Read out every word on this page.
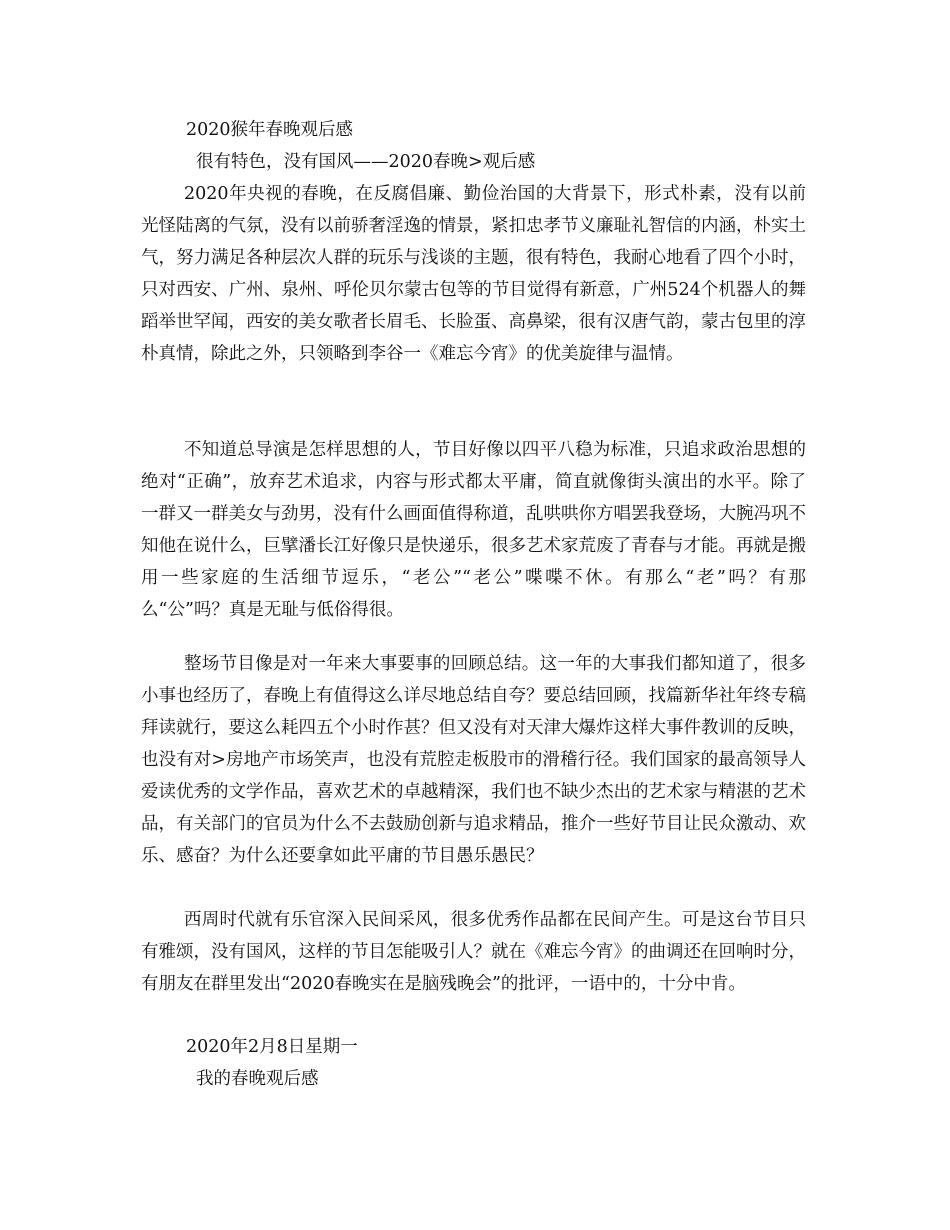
2020猴年春晚观后感

很有特色，没有国风——2020春晚>观后感

2020年央视的春晚，在反腐倡廉、勤俭治国的大背景下，形式朴素，没有以前光怪陆离的气氛，没有以前骄奢淫逸的情景，紧扣忠孝节义廉耻礼智信的内涵，朴实土气，努力满足各种层次人群的玩乐与浅谈的主题，很有特色，我耐心地看了四个小时，只对西安、广州、泉州、呼伦贝尔蒙古包等的节目觉得有新意，广州524个机器人的舞蹈举世罕闻，西安的美女歌者长眉毛、长脸蛋、高鼻梁，很有汉唐气韵，蒙古包里的淳朴真情，除此之外，只领略到李谷一《难忘今宵》的优美旋律与温情。

不知道总导演是怎样思想的人，节目好像以四平八稳为标准，只追求政治思想的绝对“正确”，放弃艺术追求，内容与形式都太平庸，简直就像街头演出的水平。除了一群又一群美女与劲男，没有什么画面值得称道，乱哄哄你方唱罢我登场，大腕冯巩不知他在说什么，巨擘潘长江好像只是快递乐，很多艺术家荒废了青春与才能。再就是搬用一些家庭的生活细节逗乐，“老公”“老公”喋喋不休。有那么“老”吗？有那么“公”吗？真是无耻与低俗得很。

整场节目像是对一年来大事要事的回顾总结。这一年的大事我们都知道了，很多小事也经历了，春晚上有值得这么详尽地总结自夸？要总结回顾，找篇新华社年终专稿拜读就行，要这么耗四五个小时作甚？但又没有对天津大爆炸这样大事件教训的反映，也没有对>房地产市场笑声，也没有荒腔走板股市的滑稽行径。我们国家的最高领导人爱读优秀的文学作品，喜欢艺术的卓越精深，我们也不缺少杰出的艺术家与精湛的艺术品，有关部门的官员为什么不去鼓励创新与追求精品，推介一些好节目让民众激动、欢乐、感奋？为什么还要拿如此平庸的节目愚乐愚民？

西周时代就有乐官深入民间采风，很多优秀作品都在民间产生。可是这台节目只有雅颂，没有国风，这样的节目怎能吸引人？就在《难忘今宵》的曲调还在回响时分，有朋友在群里发出“2020春晚实在是脑残晚会”的批评，一语中的，十分中肯。

2020年2月8日星期一

我的春晚观后感
